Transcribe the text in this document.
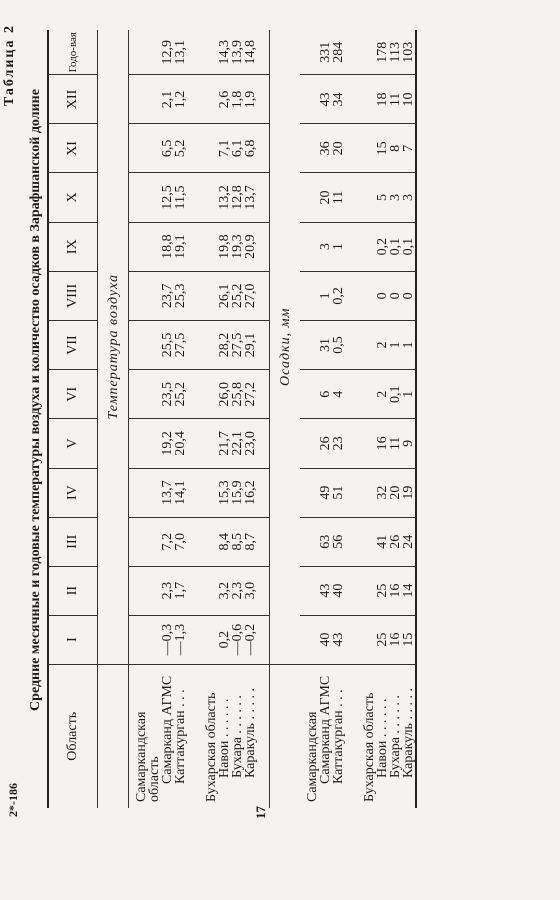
Таблица 2
Средние месячные и годовые температуры воздуха и количество осадков в Зарафшанской долине
Область	I	II	III	IV	V	VI	VII	VIII	IX	X	XI	XII	Годо-вая
	Температура воздуха												
Самаркандская область													
Самарканд АГМС	—0,3	2,3	7,2	13,7	19,2	23,5	25,5	23,7	18,8	12,5	6,5	2,1	12,9
Каттакурган . . .	—1,3	1,7	7,0	14,1	20,4	25,2	27,5	25,3	19,1	11,5	5,2	1,2	13,1

Бухарская область													
Навои . . . . . .	0,2	3,2	8,4	15,3	21,7	26,0	28,2	26,1	19,8	13,2	7,1	2,6	14,3
Бухара . . . . . .	—0,6	2,3	8,5	15,9	22,1	25,8	27,5	25,2	19,3	12,8	6,1	1,8	13,9
Каракуль . . . . .	—0,2	3,0	8,7	16,2	23,0	27,2	29,1	27,0	20,9	13,7	6,8	1,9	14,8

	Осадки, мм												
Самаркандская													
Самарканд АГМС	40	43	63	49	26	6	31	1	3	20	36	43	331
Каттакурган . . .	43	40	56	51	23	4	0,5	0,2	1	11	20	34	284

Бухарская область													
Навои . . . . . .	25	25	41	32	16	2	2	0	0,2	5	15	18	178
Бухара . . . . . .	16	16	26	20	11	0,1	1	0	0,1	3	8	11	113
Каракуль . . . . .	15	14	24	19	9	1	1	0	0,1	3	7	10	103
17
2*-186
